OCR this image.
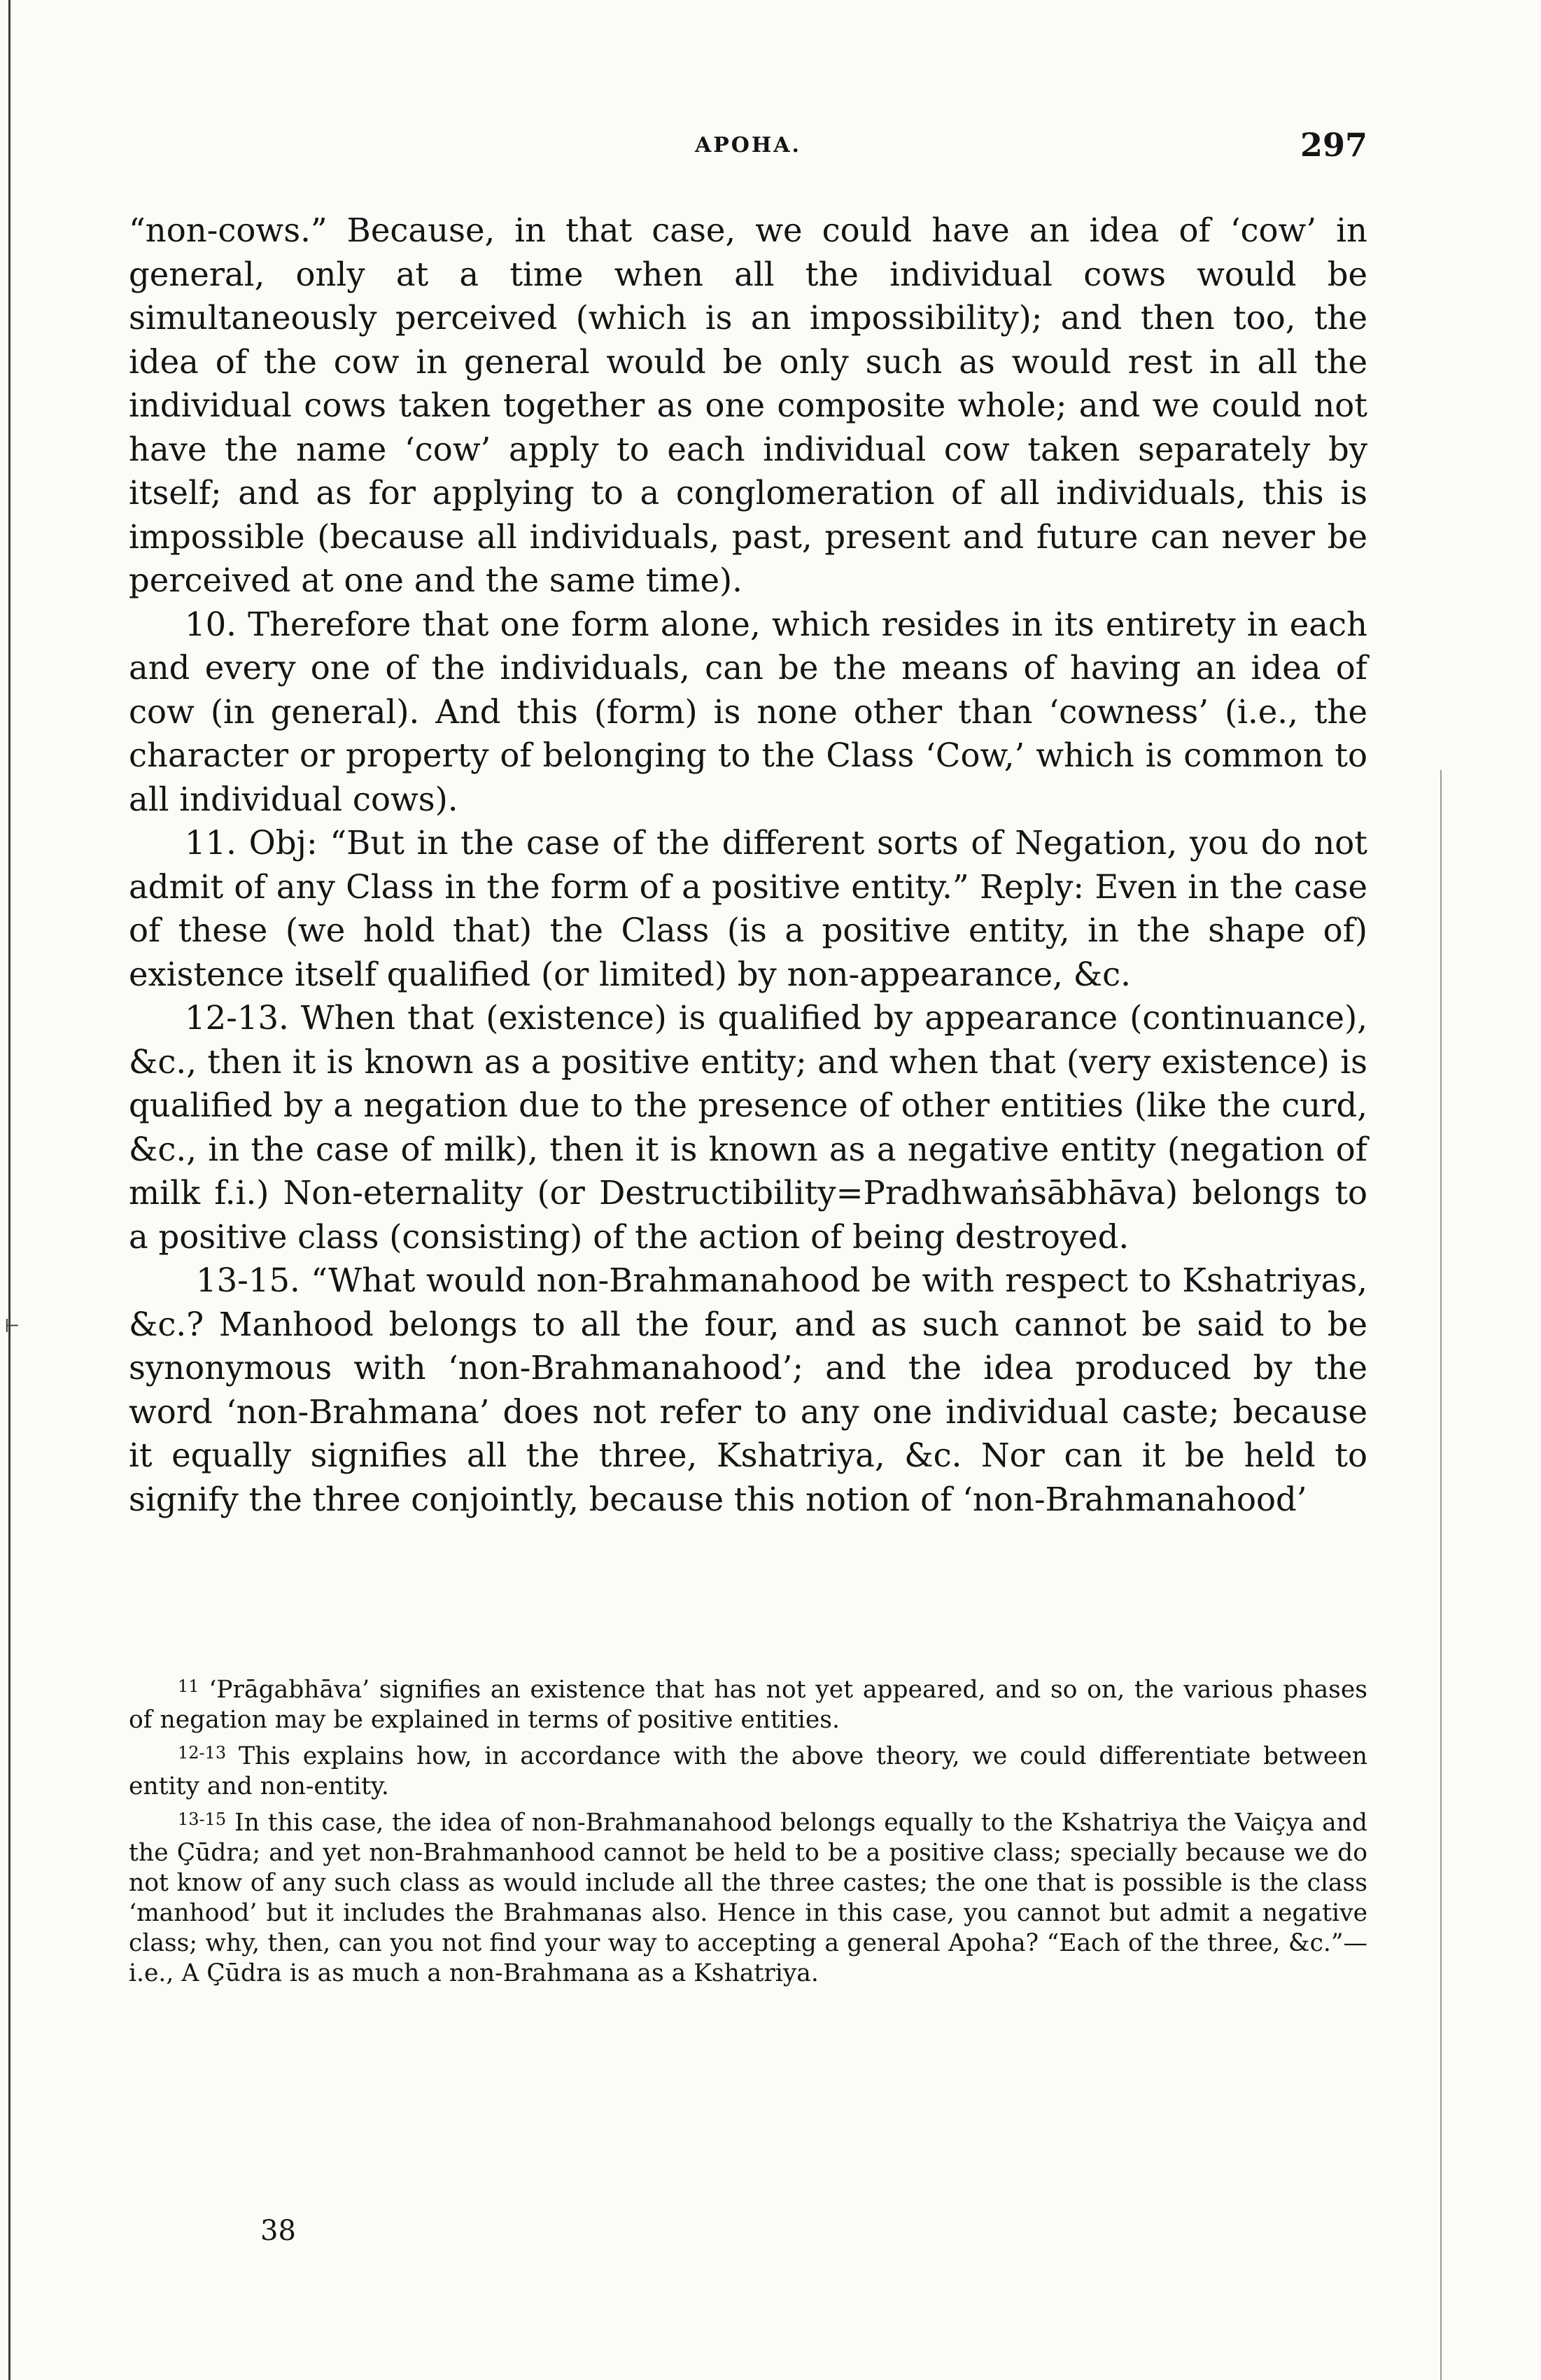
⊢
APOHA.	297

“non-cows.” Because, in that case, we could have an idea of ‘cow’ in general, only at a time when all the individual cows would be simultaneously perceived (which is an impossibility); and then too, the idea of the cow in general would be only such as would rest in all the individual cows taken together as one composite whole; and we could not have the name ‘cow’ apply to each individual cow taken separately by itself; and as for applying to a conglomeration of all individuals, this is impossible (because all individuals, past, present and future can never be perceived at one and the same time).

10. Therefore that one form alone, which resides in its entirety in each and every one of the individuals, can be the means of having an idea of cow (in general). And this (form) is none other than ‘cowness’ (i.e., the character or property of belonging to the Class ‘Cow,’ which is common to all individual cows).

11. Obj: “But in the case of the different sorts of Negation, you do not admit of any Class in the form of a positive entity.” Reply: Even in the case of these (we hold that) the Class (is a positive entity, in the shape of) existence itself qualified (or limited) by non-appearance, &c.

12-13. When that (existence) is qualified by appearance (continuance), &c., then it is known as a positive entity; and when that (very existence) is qualified by a negation due to the presence of other entities (like the curd, &c., in the case of milk), then it is known as a negative entity (negation of milk f.i.) Non-eternality (or Destructibility=Pradhwaṅsābhāva) belongs to a positive class (consisting) of the action of being destroyed.

13-15. “What would non-Brahmanahood be with respect to Kshatriyas, &c.? Manhood belongs to all the four, and as such cannot be said to be synonymous with ‘non-Brahmanahood’; and the idea produced by the word ‘non-Brahmana’ does not refer to any one individual caste; because it equally signifies all the three, Kshatriya, &c. Nor can it be held to signify the three conjointly, because this notion of ‘non-Brahmanahood’

$^{11}$ ‘Prāgabhāva’ signifies an existence that has not yet appeared, and so on, the various phases of negation may be explained in terms of positive entities.

$^{12-13}$ This explains how, in accordance with the above theory, we could differentiate between entity and non-entity.

$^{13-15}$ In this case, the idea of non-Brahmanahood belongs equally to the Kshatriya the Vaiçya and the Çūdra; and yet non-Brahmanhood cannot be held to be a positive class; specially because we do not know of any such class as would include all the three castes; the one that is possible is the class ‘manhood’ but it includes the Brahmanas also. Hence in this case, you cannot but admit a negative class; why, then, can you not find your way to accepting a general Apoha? “Each of the three, &c.”—i.e., A Çūdra is as much a non-Brahmana as a Kshatriya.

38
